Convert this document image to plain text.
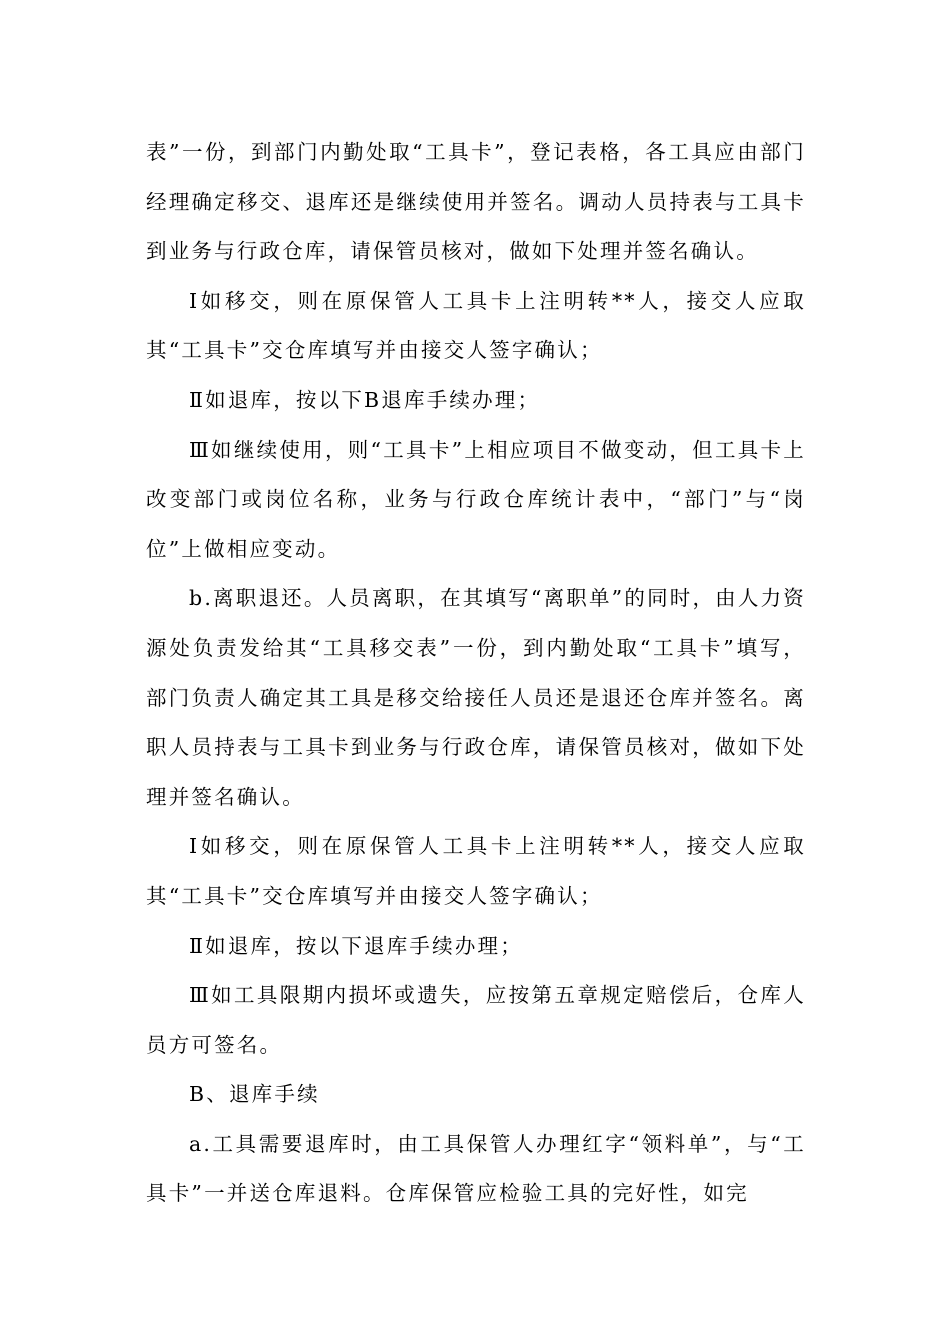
表”一份，到部门内勤处取“工具卡”，登记表格，各工具应由部门经理确定移交、退库还是继续使用并签名。调动人员持表与工具卡到业务与行政仓库，请保管员核对，做如下处理并签名确认。

Ⅰ如移交，则在原保管人工具卡上注明转**人，接交人应取其“工具卡”交仓库填写并由接交人签字确认；

Ⅱ如退库，按以下B退库手续办理；

Ⅲ如继续使用，则“工具卡”上相应项目不做变动，但工具卡上改变部门或岗位名称，业务与行政仓库统计表中，“部门”与“岗位”上做相应变动。

b.离职退还。人员离职，在其填写“离职单”的同时，由人力资源处负责发给其“工具移交表”一份，到内勤处取“工具卡”填写，部门负责人确定其工具是移交给接任人员还是退还仓库并签名。离职人员持表与工具卡到业务与行政仓库，请保管员核对，做如下处理并签名确认。

Ⅰ如移交，则在原保管人工具卡上注明转**人，接交人应取其“工具卡”交仓库填写并由接交人签字确认；

Ⅱ如退库，按以下退库手续办理；

Ⅲ如工具限期内损坏或遗失，应按第五章规定赔偿后，仓库人员方可签名。

B、退库手续

a.工具需要退库时，由工具保管人办理红字“领料单”，与“工具卡”一并送仓库退料。仓库保管应检验工具的完好性，如完
